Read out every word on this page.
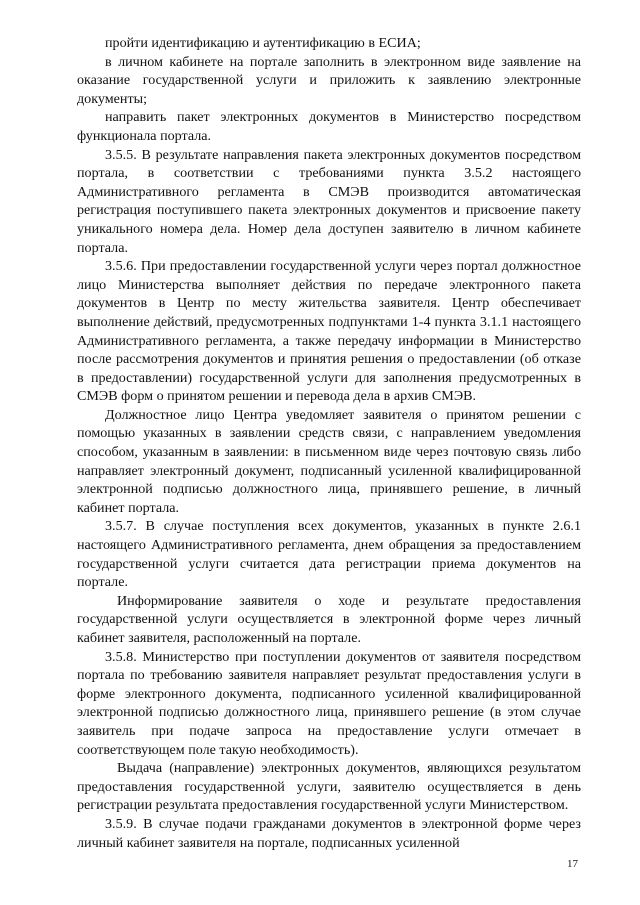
пройти идентификацию и аутентификацию в ЕСИА;

в личном кабинете на портале заполнить в электронном виде заявление на оказание государственной услуги и приложить к заявлению электронные документы;

направить пакет электронных документов в Министерство посредством функционала портала.

3.5.5. В результате направления пакета электронных документов посредством портала, в соответствии с требованиями пункта 3.5.2 настоящего Административного регламента в СМЭВ производится автоматическая регистрация поступившего пакета электронных документов и присвоение пакету уникального номера дела. Номер дела доступен заявителю в личном кабинете портала.

3.5.6. При предоставлении государственной услуги через портал должностное лицо Министерства выполняет действия по передаче электронного пакета документов в Центр по месту жительства заявителя. Центр обеспечивает выполнение действий, предусмотренных подпунктами 1-4 пункта 3.1.1 настоящего Административного регламента, а также передачу информации в Министерство после рассмотрения документов и принятия решения о предоставлении (об отказе в предоставлении) государственной услуги для заполнения предусмотренных в СМЭВ форм о принятом решении и перевода дела в архив СМЭВ.

Должностное лицо Центра уведомляет заявителя о принятом решении с помощью указанных в заявлении средств связи, с направлением уведомления способом, указанным в заявлении: в письменном виде через почтовую связь либо направляет электронный документ, подписанный усиленной квалифицированной электронной подписью должностного лица, принявшего решение, в личный кабинет портала.

3.5.7. В случае поступления всех документов, указанных в пункте 2.6.1 настоящего Административного регламента, днем обращения за предоставлением государственной услуги считается дата регистрации приема документов на портале.

Информирование заявителя о ходе и результате предоставления государственной услуги осуществляется в электронной форме через личный кабинет заявителя, расположенный на портале.

3.5.8. Министерство при поступлении документов от заявителя посредством портала по требованию заявителя направляет результат предоставления услуги в форме электронного документа, подписанного усиленной квалифицированной электронной подписью должностного лица, принявшего решение (в этом случае заявитель при подаче запроса на предоставление услуги отмечает в соответствующем поле такую необходимость).

Выдача (направление) электронных документов, являющихся результатом предоставления государственной услуги, заявителю осуществляется в день регистрации результата предоставления государственной услуги Министерством.

3.5.9. В случае подачи гражданами документов в электронной форме через личный кабинет заявителя на портале, подписанных усиленной

17
